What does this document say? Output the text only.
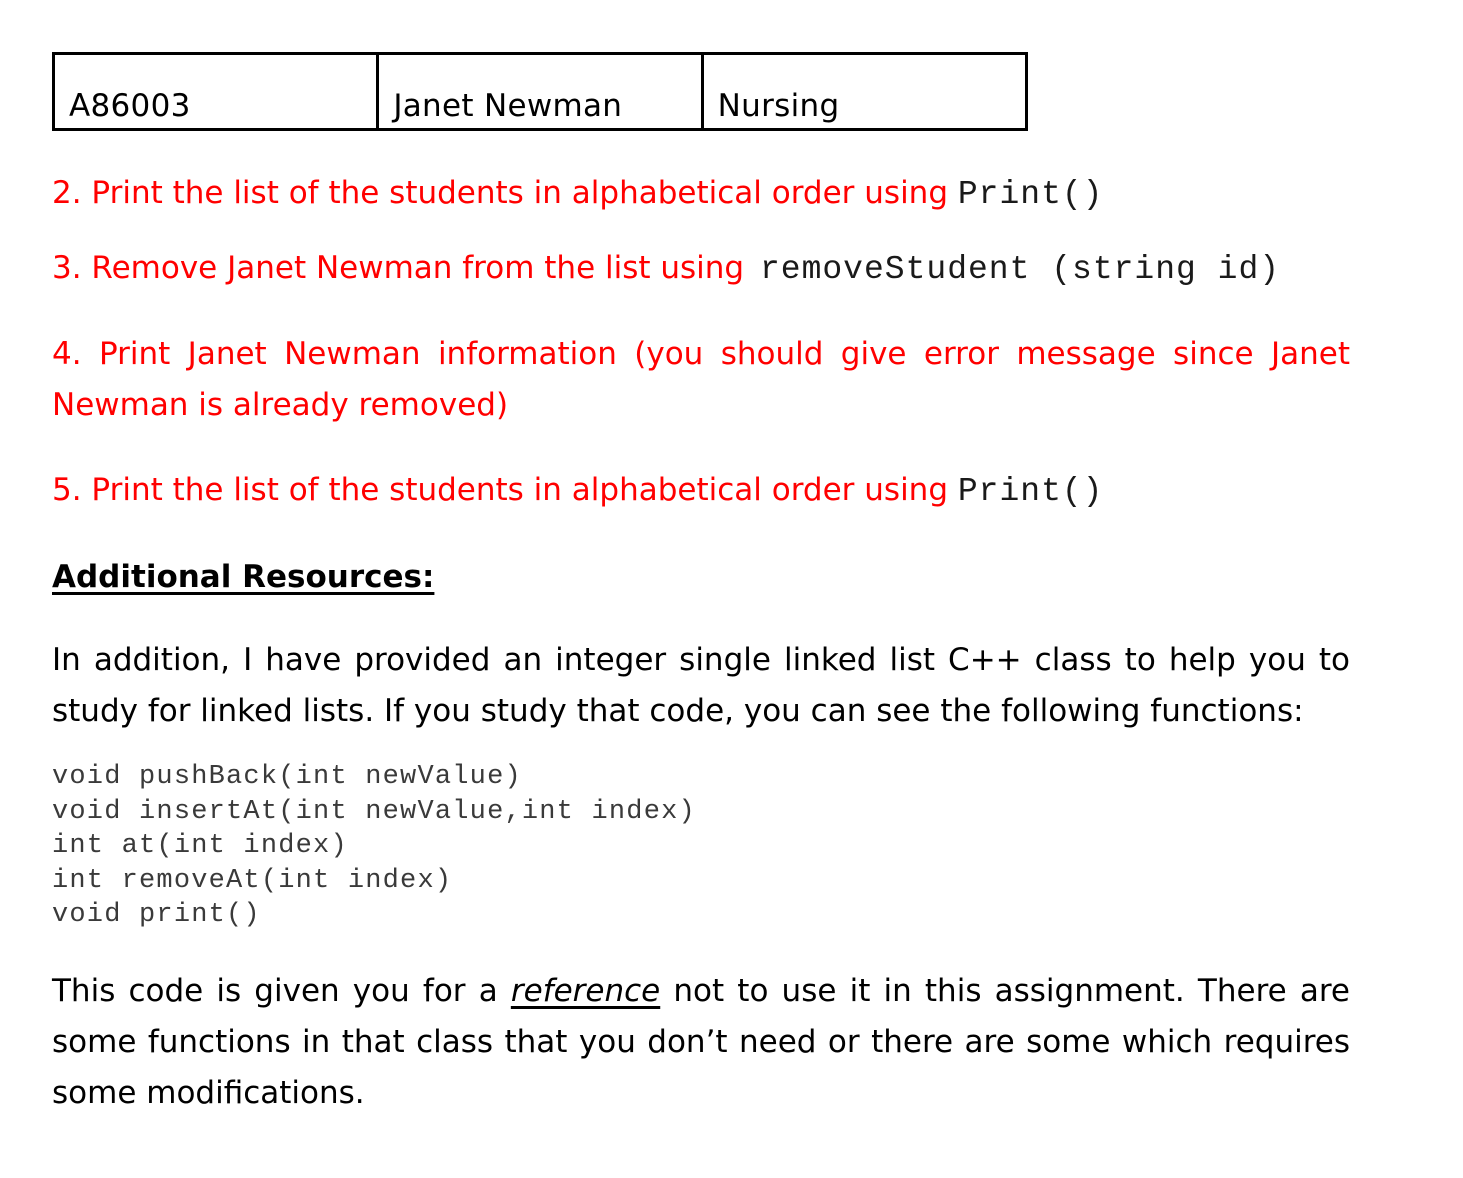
A86003	Janet Newman	Nursing
2. Print the list of the students in alphabetical order using Print()
3. Remove Janet Newman from the list using removeStudent (string id)
4. Print Janet Newman information (you should give error message since Janet Newman is already removed)
5. Print the list of the students in alphabetical order using Print()
Additional Resources:
In addition, I have provided an integer single linked list C++ class to help you to study for linked lists. If you study that code, you can see the following functions:
void pushBack(int newValue)
void insertAt(int newValue,int index)
int at(int index)
int removeAt(int index)
void print()
This code is given you for a reference not to use it in this assignment. There are some functions in that class that you don’t need or there are some which requires some modifications.
